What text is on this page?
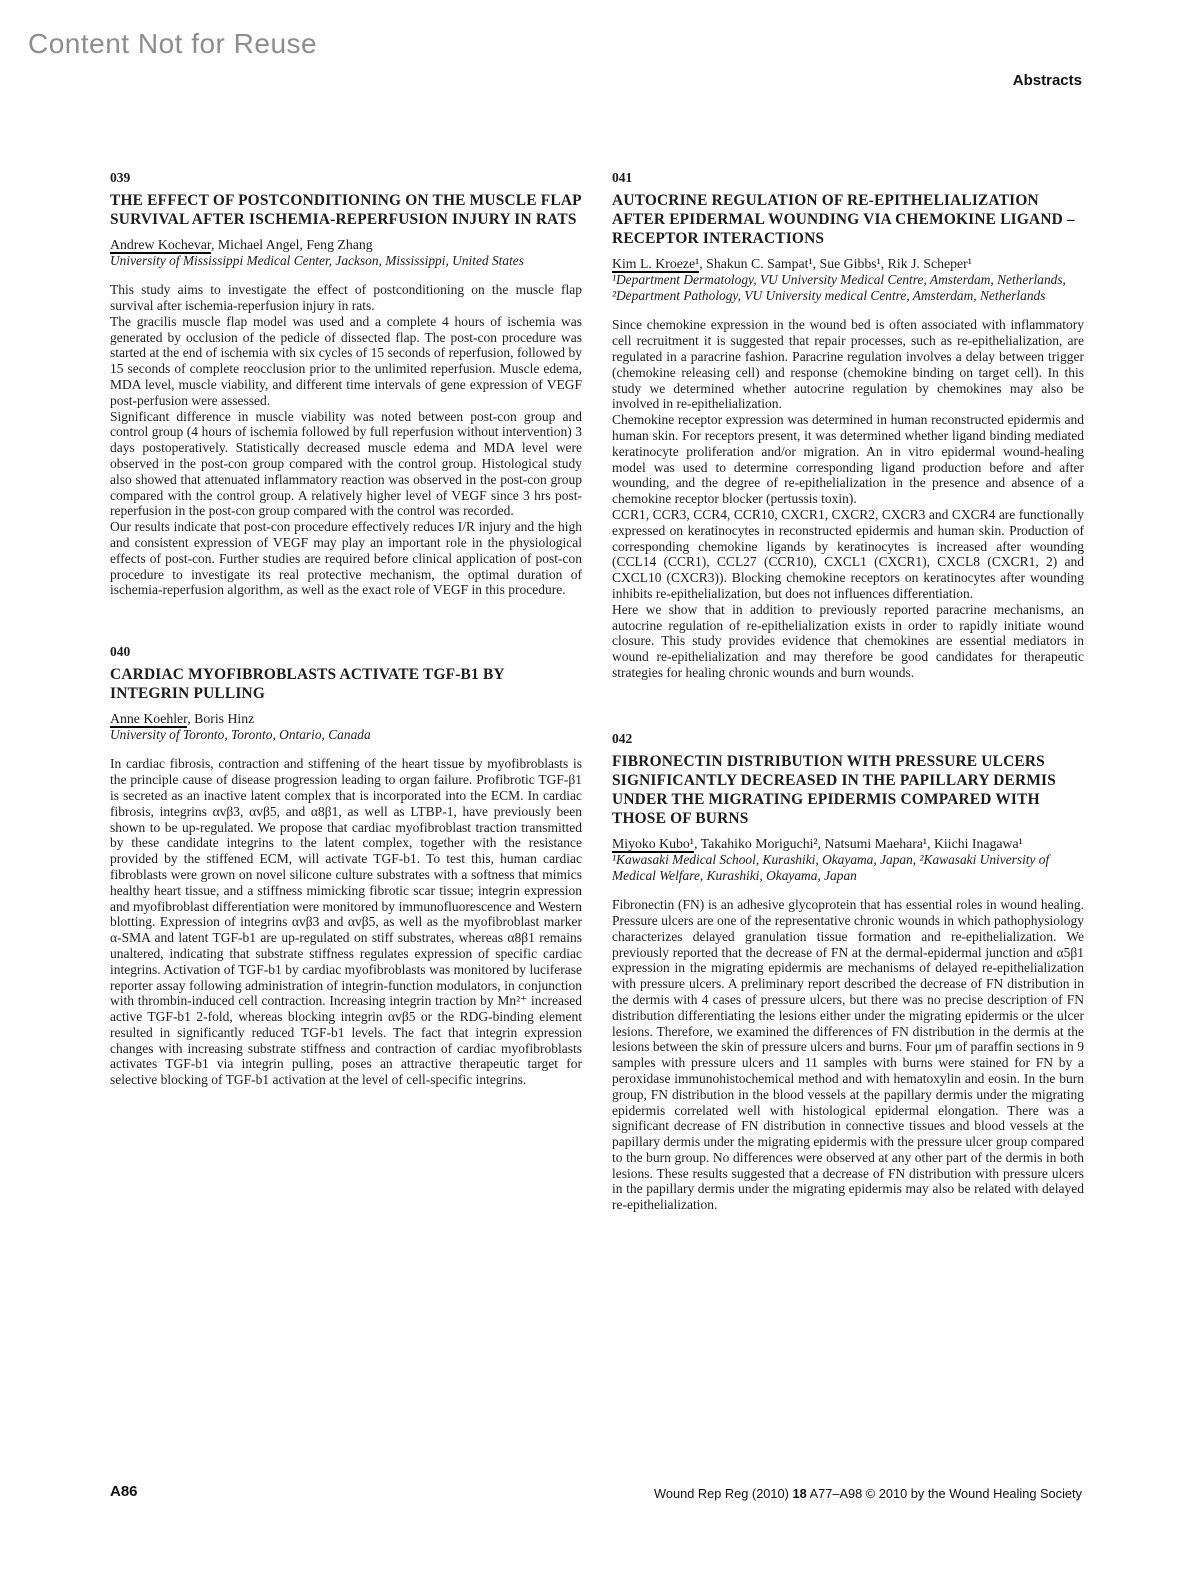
Content Not for Reuse
Abstracts
039
THE EFFECT OF POSTCONDITIONING ON THE MUSCLE FLAP SURVIVAL AFTER ISCHEMIA-REPERFUSION INJURY IN RATS
Andrew Kochevar, Michael Angel, Feng Zhang
University of Mississippi Medical Center, Jackson, Mississippi, United States

This study aims to investigate the effect of postconditioning on the muscle flap survival after ischemia-reperfusion injury in rats.

The gracilis muscle flap model was used and a complete 4 hours of ischemia was generated by occlusion of the pedicle of dissected flap. The post-con procedure was started at the end of ischemia with six cycles of 15 seconds of reperfusion, followed by 15 seconds of complete reocclusion prior to the unlimited reperfusion. Muscle edema, MDA level, muscle viability, and different time intervals of gene expression of VEGF post-perfusion were assessed.

Significant difference in muscle viability was noted between post-con group and control group (4 hours of ischemia followed by full reperfusion without intervention) 3 days postoperatively. Statistically decreased muscle edema and MDA level were observed in the post-con group compared with the control group. Histological study also showed that attenuated inflammatory reaction was observed in the post-con group compared with the control group. A relatively higher level of VEGF since 3 hrs post-reperfusion in the post-con group compared with the control was recorded.

Our results indicate that post-con procedure effectively reduces I/R injury and the high and consistent expression of VEGF may play an important role in the physiological effects of post-con. Further studies are required before clinical application of post-con procedure to investigate its real protective mechanism, the optimal duration of ischemia-reperfusion algorithm, as well as the exact role of VEGF in this procedure.

040
CARDIAC MYOFIBROBLASTS ACTIVATE TGF-B1 BY INTEGRIN PULLING
Anne Koehler, Boris Hinz
University of Toronto, Toronto, Ontario, Canada

In cardiac fibrosis, contraction and stiffening of the heart tissue by myofibroblasts is the principle cause of disease progression leading to organ failure. Profibrotic TGF-β1 is secreted as an inactive latent complex that is incorporated into the ECM. In cardiac fibrosis, integrins αvβ3, αvβ5, and α8β1, as well as LTBP-1, have previously been shown to be up-regulated. We propose that cardiac myofibroblast traction transmitted by these candidate integrins to the latent complex, together with the resistance provided by the stiffened ECM, will activate TGF-b1. To test this, human cardiac fibroblasts were grown on novel silicone culture substrates with a softness that mimics healthy heart tissue, and a stiffness mimicking fibrotic scar tissue; integrin expression and myofibroblast differentiation were monitored by immunofluorescence and Western blotting. Expression of integrins αvβ3 and αvβ5, as well as the myofibroblast marker α-SMA and latent TGF-b1 are up-regulated on stiff substrates, whereas α8β1 remains unaltered, indicating that substrate stiffness regulates expression of specific cardiac integrins. Activation of TGF-b1 by cardiac myofibroblasts was monitored by luciferase reporter assay following administration of integrin-function modulators, in conjunction with thrombin-induced cell contraction. Increasing integrin traction by Mn²⁺ increased active TGF-b1 2-fold, whereas blocking integrin αvβ5 or the RDG-binding element resulted in significantly reduced TGF-b1 levels. The fact that integrin expression changes with increasing substrate stiffness and contraction of cardiac myofibroblasts activates TGF-b1 via integrin pulling, poses an attractive therapeutic target for selective blocking of TGF-b1 activation at the level of cell-specific integrins.

041
AUTOCRINE REGULATION OF RE-EPITHELIALIZATION AFTER EPIDERMAL WOUNDING VIA CHEMOKINE LIGAND – RECEPTOR INTERACTIONS
Kim L. Kroeze¹, Shakun C. Sampat¹, Sue Gibbs¹, Rik J. Scheper¹
¹Department Dermatology, VU University Medical Centre, Amsterdam, Netherlands, ²Department Pathology, VU University medical Centre, Amsterdam, Netherlands

Since chemokine expression in the wound bed is often associated with inflammatory cell recruitment it is suggested that repair processes, such as re-epithelialization, are regulated in a paracrine fashion. Paracrine regulation involves a delay between trigger (chemokine releasing cell) and response (chemokine binding on target cell). In this study we determined whether autocrine regulation by chemokines may also be involved in re-epithelialization.

Chemokine receptor expression was determined in human reconstructed epidermis and human skin. For receptors present, it was determined whether ligand binding mediated keratinocyte proliferation and/or migration. An in vitro epidermal wound-healing model was used to determine corresponding ligand production before and after wounding, and the degree of re-epithelialization in the presence and absence of a chemokine receptor blocker (pertussis toxin).

CCR1, CCR3, CCR4, CCR10, CXCR1, CXCR2, CXCR3 and CXCR4 are functionally expressed on keratinocytes in reconstructed epidermis and human skin. Production of corresponding chemokine ligands by keratinocytes is increased after wounding (CCL14 (CCR1), CCL27 (CCR10), CXCL1 (CXCR1), CXCL8 (CXCR1, 2) and CXCL10 (CXCR3)). Blocking chemokine receptors on keratinocytes after wounding inhibits re-epithelialization, but does not influences differentiation.

Here we show that in addition to previously reported paracrine mechanisms, an autocrine regulation of re-epithelialization exists in order to rapidly initiate wound closure. This study provides evidence that chemokines are essential mediators in wound re-epithelialization and may therefore be good candidates for therapeutic strategies for healing chronic wounds and burn wounds.

042
FIBRONECTIN DISTRIBUTION WITH PRESSURE ULCERS SIGNIFICANTLY DECREASED IN THE PAPILLARY DERMIS UNDER THE MIGRATING EPIDERMIS COMPARED WITH THOSE OF BURNS
Miyoko Kubo¹, Takahiko Moriguchi², Natsumi Maehara¹, Kiichi Inagawa¹
¹Kawasaki Medical School, Kurashiki, Okayama, Japan, ²Kawasaki University of Medical Welfare, Kurashiki, Okayama, Japan

Fibronectin (FN) is an adhesive glycoprotein that has essential roles in wound healing. Pressure ulcers are one of the representative chronic wounds in which pathophysiology characterizes delayed granulation tissue formation and re-epithelialization. We previously reported that the decrease of FN at the dermal-epidermal junction and α5β1 expression in the migrating epidermis are mechanisms of delayed re-epithelialization with pressure ulcers. A preliminary report described the decrease of FN distribution in the dermis with 4 cases of pressure ulcers, but there was no precise description of FN distribution differentiating the lesions either under the migrating epidermis or the ulcer lesions. Therefore, we examined the differences of FN distribution in the dermis at the lesions between the skin of pressure ulcers and burns. Four μm of paraffin sections in 9 samples with pressure ulcers and 11 samples with burns were stained for FN by a peroxidase immunohistochemical method and with hematoxylin and eosin. In the burn group, FN distribution in the blood vessels at the papillary dermis under the migrating epidermis correlated well with histological epidermal elongation. There was a significant decrease of FN distribution in connective tissues and blood vessels at the papillary dermis under the migrating epidermis with the pressure ulcer group compared to the burn group. No differences were observed at any other part of the dermis in both lesions. These results suggested that a decrease of FN distribution with pressure ulcers in the papillary dermis under the migrating epidermis may also be related with delayed re-epithelialization.

A86	Wound Rep Reg (2010) 18 A77–A98 © 2010 by the Wound Healing Society
